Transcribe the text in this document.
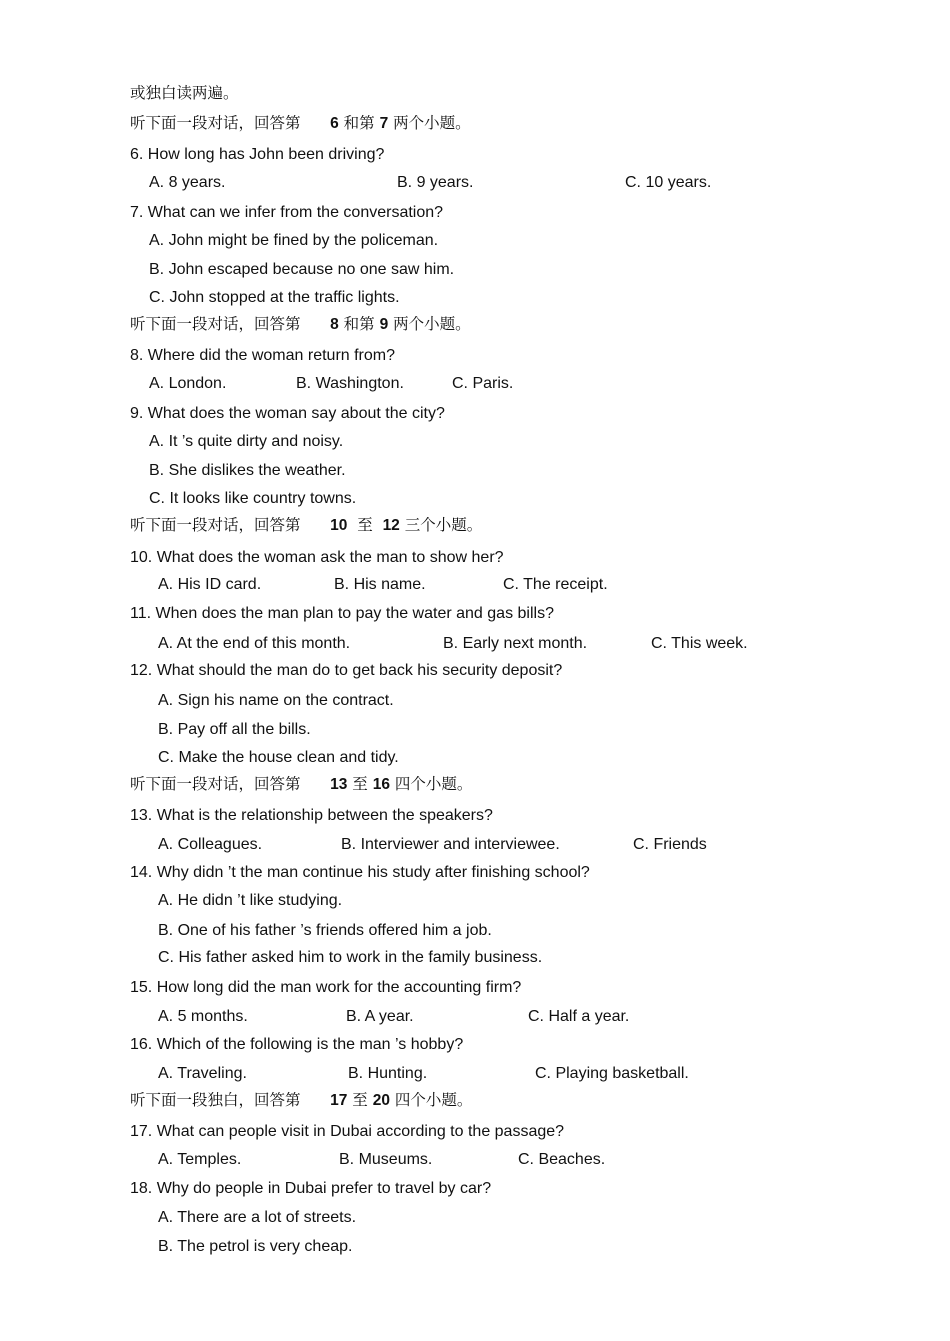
或独白读两遍。
听下面一段对话，回答第 6 和第 7 两个小题。
6. How long has John been driving?
A. 8 years.	B. 9 years.	C. 10 years.
7. What can we infer from the conversation?
A. John might be fined by the policeman.
B. John escaped because no one saw him.
C. John stopped at the traffic lights.
听下面一段对话，回答第 8 和第 9 两个小题。
8. Where did the woman return from?
A. London.	B. Washington.	C. Paris.
9. What does the woman say about the city?
A. It ’s quite dirty and noisy.
B. She dislikes the weather.
C. It looks like country towns.
听下面一段对话，回答第 10 至 12 三个小题。
10. What does the woman ask the man to show her?
A. His ID card.	B. His name.	C. The receipt.
11. When does the man plan to pay the water and gas bills?
A. At the end of this month.	B. Early next month.	C. This week.
12. What should the man do to get back his security deposit?
A. Sign his name on the contract.
B. Pay off all the bills.
C. Make the house clean and tidy.
听下面一段对话，回答第 13 至 16 四个小题。
13. What is the relationship between the speakers?
A. Colleagues.	B. Interviewer and interviewee.	C. Friends
14. Why didn ’t the man continue his study after finishing school?
A. He didn ’t like studying.
B. One of his father ’s friends offered him a job.
C. His father asked him to work in the family business.
15. How long did the man work for the accounting firm?
A. 5 months.	B. A year.	C. Half a year.
16. Which of the following is the man ’s hobby?
A. Traveling.	B. Hunting.	C. Playing basketball.
听下面一段独白，回答第 17 至 20 四个小题。
17. What can people visit in Dubai according to the passage?
A. Temples.	B. Museums.	C. Beaches.
18. Why do people in Dubai prefer to travel by car?
A. There are a lot of streets.
B. The petrol is very cheap.
